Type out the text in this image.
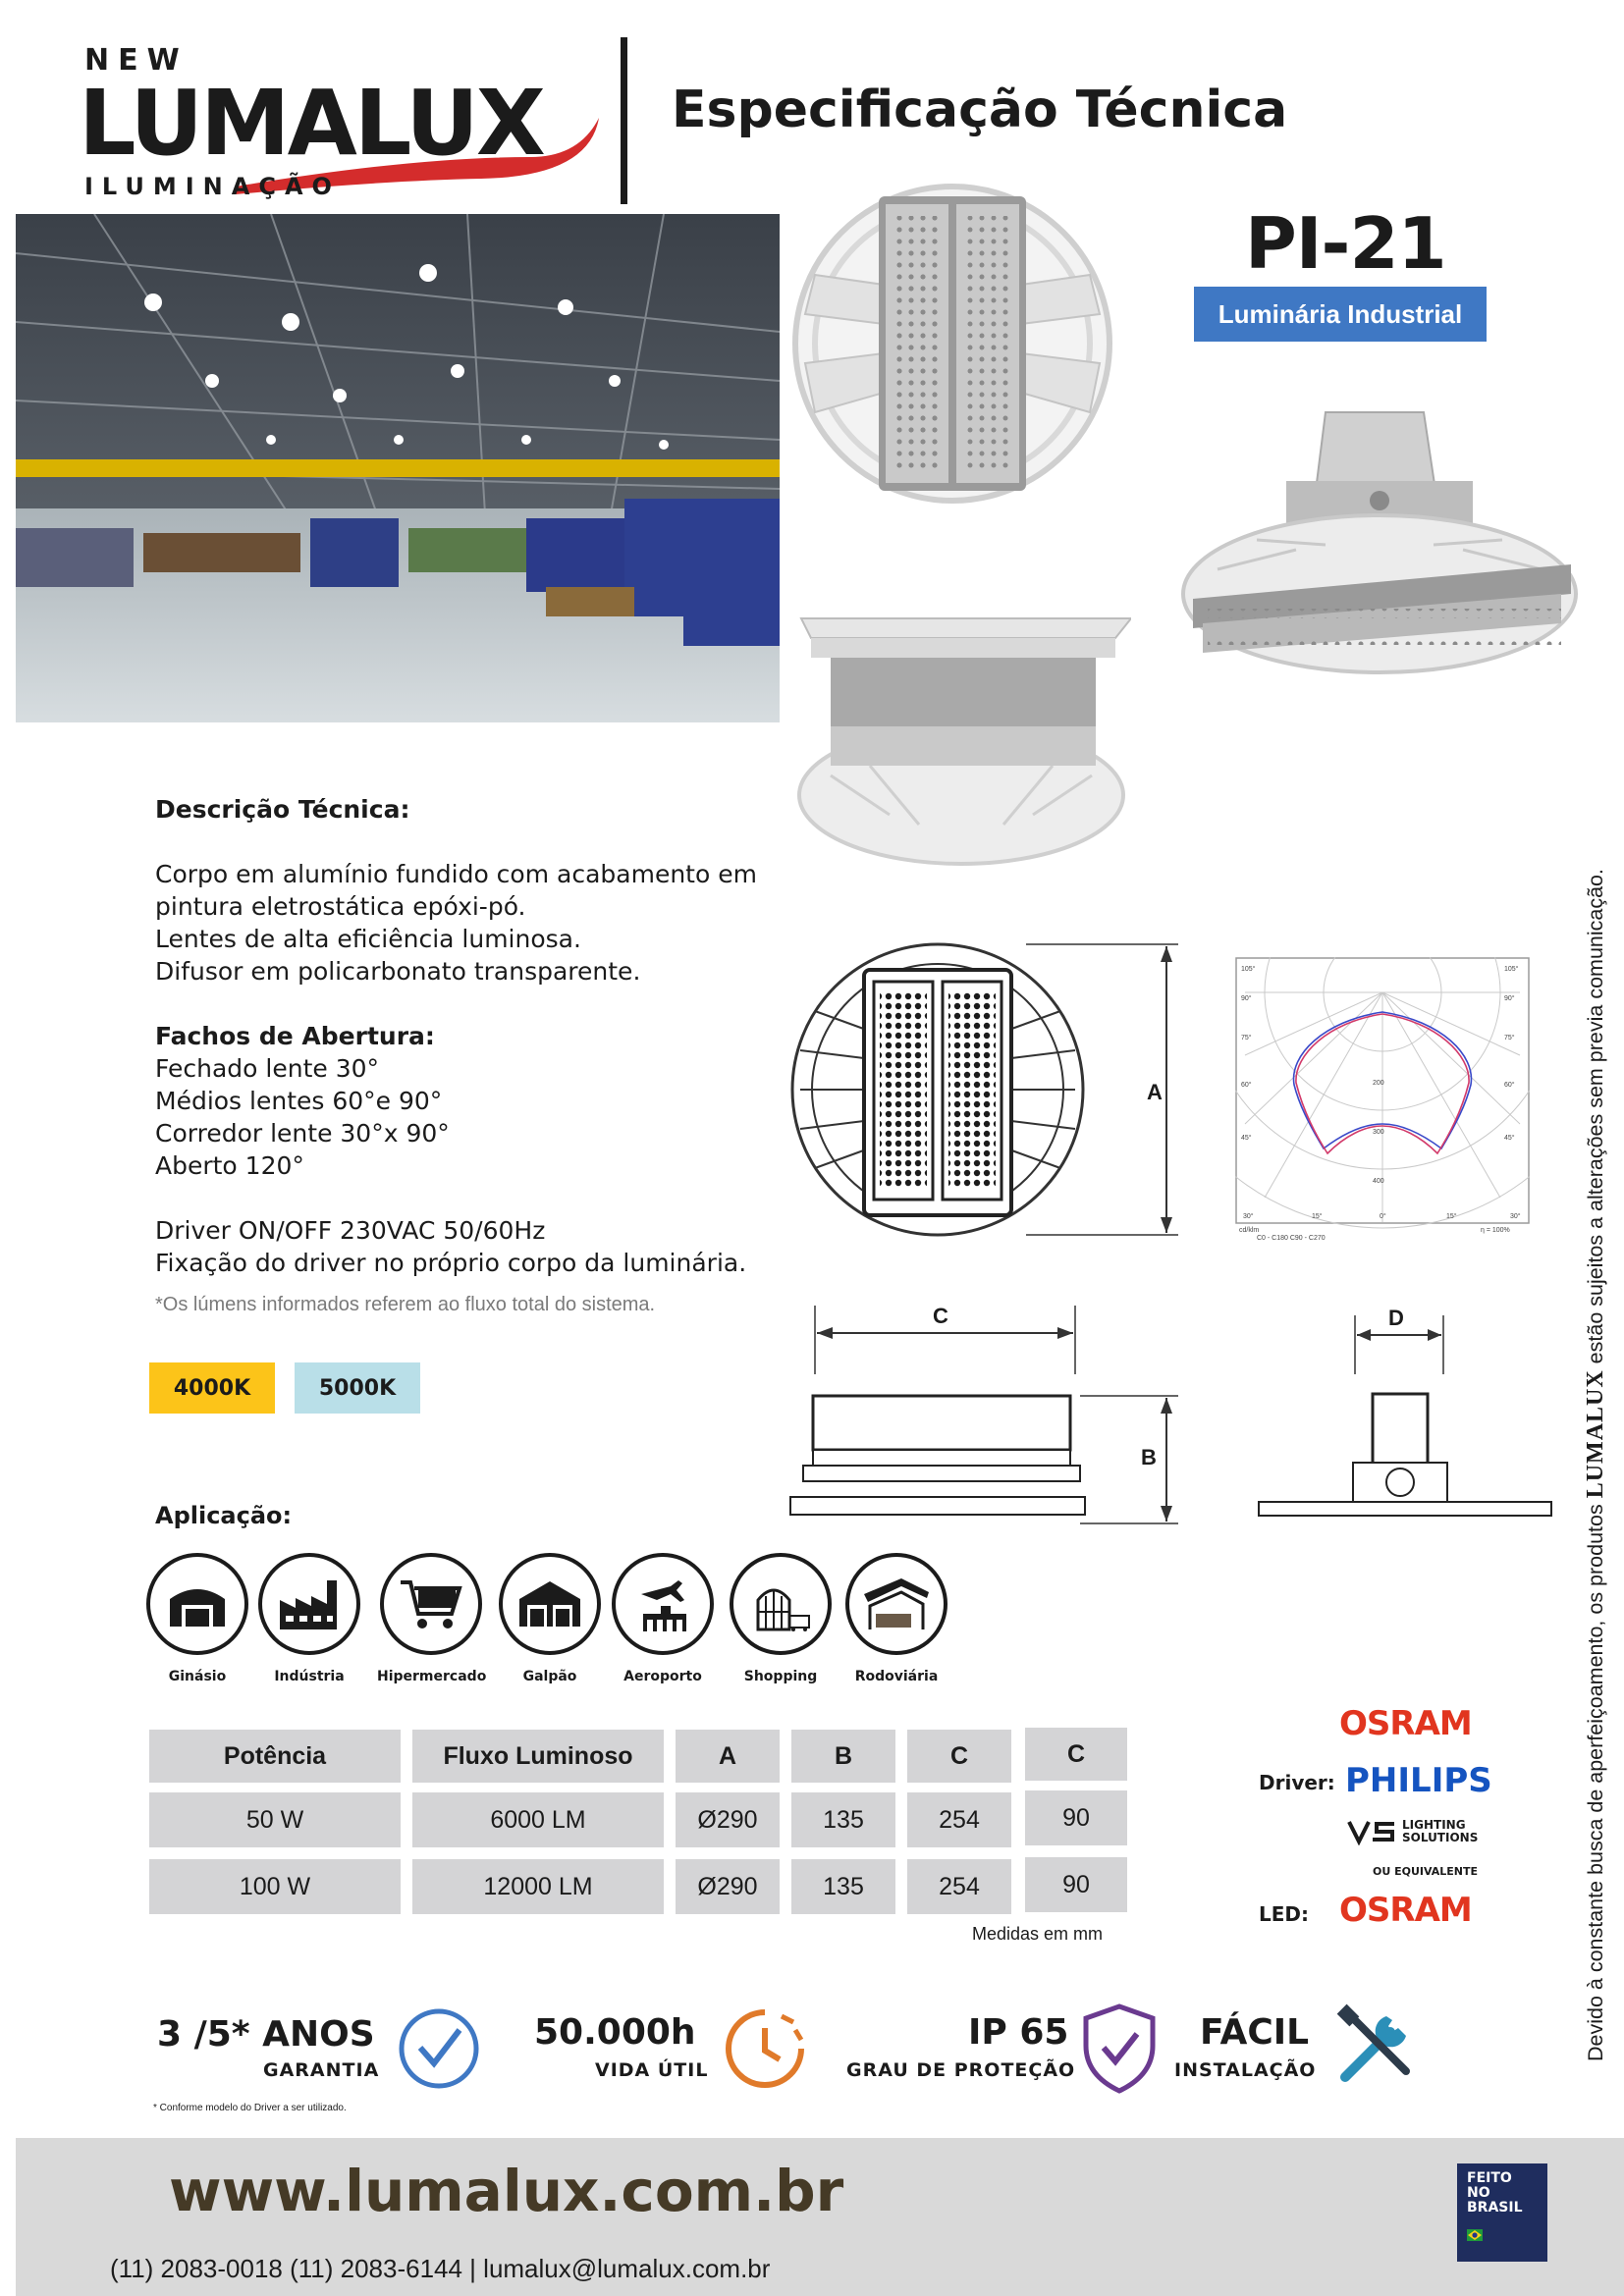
NEW
LUMALUX
ILUMINAÇÃO
Especificação Técnica
PI-21
Luminária Industrial
Descrição Técnica:
Corpo em alumínio fundido com acabamento em
pintura eletrostática epóxi-pó.
Lentes de alta eficiência luminosa.
Difusor em policarbonato transparente.
Fachos de Abertura:
Fechado lente 30°
Médios lentes 60°e 90°
Corredor lente 30°x 90°
Aberto 120°
Driver ON/OFF 230VAC 50/60Hz
Fixação do driver no próprio corpo da luminária.
*Os lúmens informados referem ao fluxo total do sistema.
4000K	5000K
A
105°
90°
75°
60°
45°
105°
90°
75°
60°
45°
30°	15°	0°	15°	30°
200
300
400
cd/klm	η = 100%
C0 - C180 C90 - C270
C
B
D
Aplicação:
Ginásio	Indústria	Hipermercado	Galpão	Aeroporto	Shopping	Rodoviária
Potência	Fluxo Luminoso	A	B	C	C
50 W	6000 LM	Ø290	135	254	90
100 W	12000 LM	Ø290	135	254	90
Medidas em mm
OSRAM
Driver: PHILIPS
LIGHTING
SOLUTIONS
OU EQUIVALENTE
LED: OSRAM
3 /5* ANOS
GARANTIA
50.000h
VIDA ÚTIL
IP 65
GRAU DE PROTEÇÃO
FÁCIL
INSTALAÇÃO
* Conforme modelo do Driver a ser utilizado.
www.lumalux.com.br
(11) 2083-0018 (11) 2083-6144 | lumalux@lumalux.com.br
FEITO
NO
BRASIL
Devido à constante busca de aperfeiçoamento, os produtos LUMALUX estão sujeitos a alterações sem previa comunicação.
